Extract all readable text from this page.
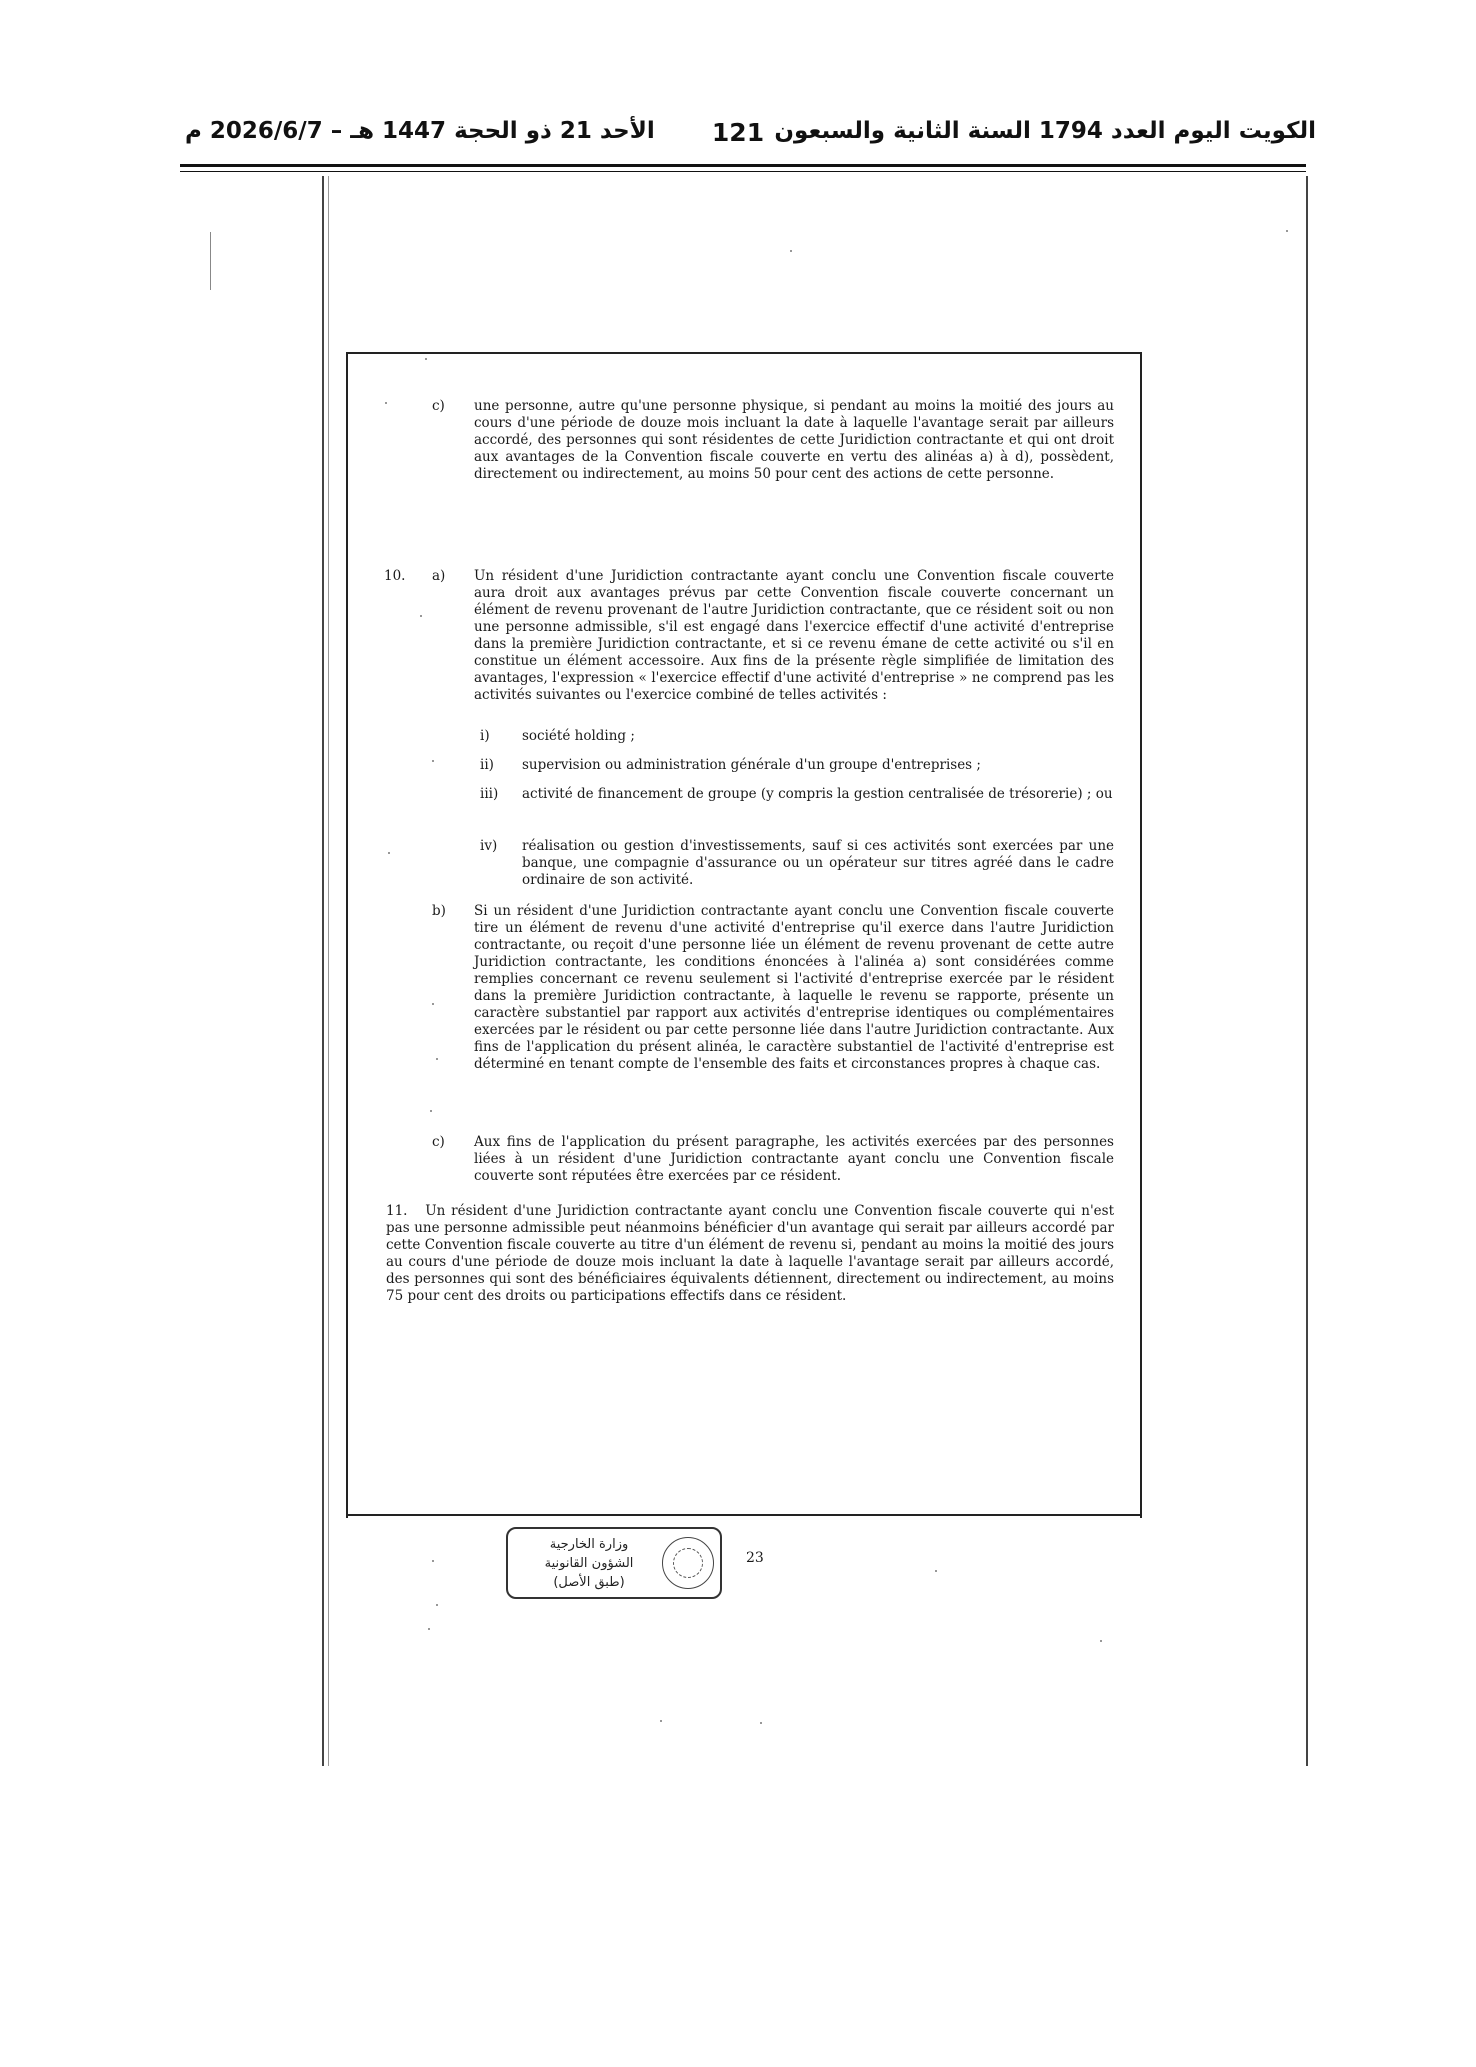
الكويت اليوم العدد 1794 السنة الثانية والسبعون
121
الأحد 21 ذو الحجة 1447 هـ – 2026/6/7 م
c) une personne, autre qu'une personne physique, si pendant au moins la moitié des jours au cours d'une période de douze mois incluant la date à laquelle l'avantage serait par ailleurs accordé, des personnes qui sont résidentes de cette Juridiction contractante et qui ont droit aux avantages de la Convention fiscale couverte en vertu des alinéas a) à d), possèdent, directement ou indirectement, au moins 50 pour cent des actions de cette personne.
10. a) Un résident d'une Juridiction contractante ayant conclu une Convention fiscale couverte aura droit aux avantages prévus par cette Convention fiscale couverte concernant un élément de revenu provenant de l'autre Juridiction contractante, que ce résident soit ou non une personne admissible, s'il est engagé dans l'exercice effectif d'une activité d'entreprise dans la première Juridiction contractante, et si ce revenu émane de cette activité ou s'il en constitue un élément accessoire. Aux fins de la présente règle simplifiée de limitation des avantages, l'expression « l'exercice effectif d'une activité d'entreprise » ne comprend pas les activités suivantes ou l'exercice combiné de telles activités :
i) société holding ;
ii) supervision ou administration générale d'un groupe d'entreprises ;
iii) activité de financement de groupe (y compris la gestion centralisée de trésorerie) ; ou
iv) réalisation ou gestion d'investissements, sauf si ces activités sont exercées par une banque, une compagnie d'assurance ou un opérateur sur titres agréé dans le cadre ordinaire de son activité.
b) Si un résident d'une Juridiction contractante ayant conclu une Convention fiscale couverte tire un élément de revenu d'une activité d'entreprise qu'il exerce dans l'autre Juridiction contractante, ou reçoit d'une personne liée un élément de revenu provenant de cette autre Juridiction contractante, les conditions énoncées à l'alinéa a) sont considérées comme remplies concernant ce revenu seulement si l'activité d'entreprise exercée par le résident dans la première Juridiction contractante, à laquelle le revenu se rapporte, présente un caractère substantiel par rapport aux activités d'entreprise identiques ou complémentaires exercées par le résident ou par cette personne liée dans l'autre Juridiction contractante. Aux fins de l'application du présent alinéa, le caractère substantiel de l'activité d'entreprise est déterminé en tenant compte de l'ensemble des faits et circonstances propres à chaque cas.
c) Aux fins de l'application du présent paragraphe, les activités exercées par des personnes liées à un résident d'une Juridiction contractante ayant conclu une Convention fiscale couverte sont réputées être exercées par ce résident.
11. Un résident d'une Juridiction contractante ayant conclu une Convention fiscale couverte qui n'est pas une personne admissible peut néanmoins bénéficier d'un avantage qui serait par ailleurs accordé par cette Convention fiscale couverte au titre d'un élément de revenu si, pendant au moins la moitié des jours au cours d'une période de douze mois incluant la date à laquelle l'avantage serait par ailleurs accordé, des personnes qui sont des bénéficiaires équivalents détiennent, directement ou indirectement, au moins 75 pour cent des droits ou participations effectifs dans ce résident.
وزارة الخارجية
الشؤون القانونية
(طبق الأصل)
23
